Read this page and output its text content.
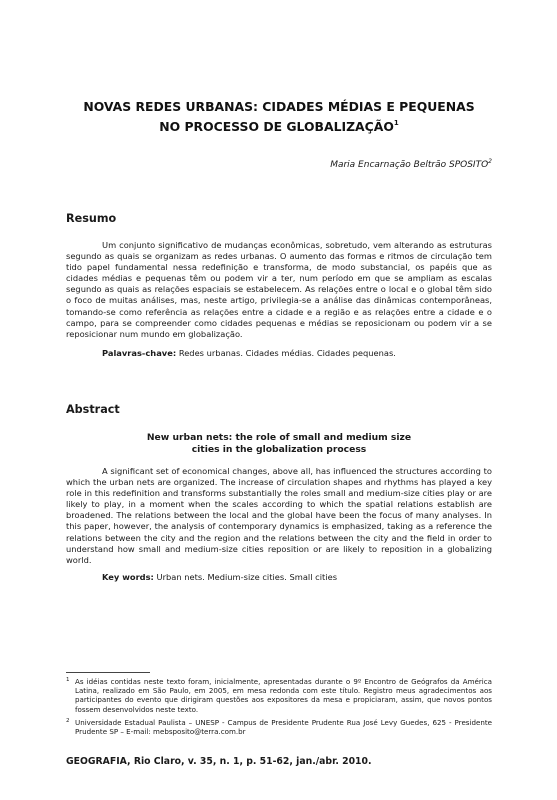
NOVAS REDES URBANAS: CIDADES MÉDIAS E PEQUENAS
NO PROCESSO DE GLOBALIZAÇÃO$^1$
Maria Encarnação Beltrão SPOSITO$^2$
Resumo
Um conjunto significativo de mudanças econômicas, sobretudo, vem alterando as estruturas segundo as quais se organizam as redes urbanas. O aumento das formas e ritmos de circulação tem tido papel fundamental nessa redefinição e transforma, de modo substancial, os papéis que as cidades médias e pequenas têm ou podem vir a ter, num período em que se ampliam as escalas segundo as quais as relações espaciais se estabelecem. As relações entre o local e o global têm sido o foco de muitas análises, mas, neste artigo, privilegia-se a análise das dinâmicas contemporâneas, tomando-se como referência as relações entre a cidade e a região e as relações entre a cidade e o campo, para se compreender como cidades pequenas e médias se reposicionam ou podem vir a se reposicionar num mundo em globalização.
Palavras-chave: Redes urbanas. Cidades médias. Cidades pequenas.
Abstract
New urban nets: the role of small and medium size
cities in the globalization process
A significant set of economical changes, above all, has influenced the structures according to which the urban nets are organized. The increase of circulation shapes and rhythms has played a key role in this redefinition and transforms substantially the roles small and medium-size cities play or are likely to play, in a moment when the scales according to which the spatial relations establish are broadened. The relations between the local and the global have been the focus of many analyses. In this paper, however, the analysis of contemporary dynamics is emphasized, taking as a reference the relations between the city and the region and the relations between the city and the field in order to understand how small and medium-size cities reposition or are likely to reposition in a globalizing world.
Key words: Urban nets. Medium-size cities. Small cities
1 As idéias contidas neste texto foram, inicialmente, apresentadas durante o 9º Encontro de Geógrafos da América Latina, realizado em São Paulo, em 2005, em mesa redonda com este título. Registro meus agradecimentos aos participantes do evento que dirigiram questões aos expositores da mesa e propiciaram, assim, que novos pontos fossem desenvolvidos neste texto.
2 Universidade Estadual Paulista – UNESP - Campus de Presidente Prudente Rua José Levy Guedes, 625 - Presidente Prudente SP – E-mail: mebsposito@terra.com.br
GEOGRAFIA, Rio Claro, v. 35, n. 1, p. 51-62, jan./abr. 2010.
